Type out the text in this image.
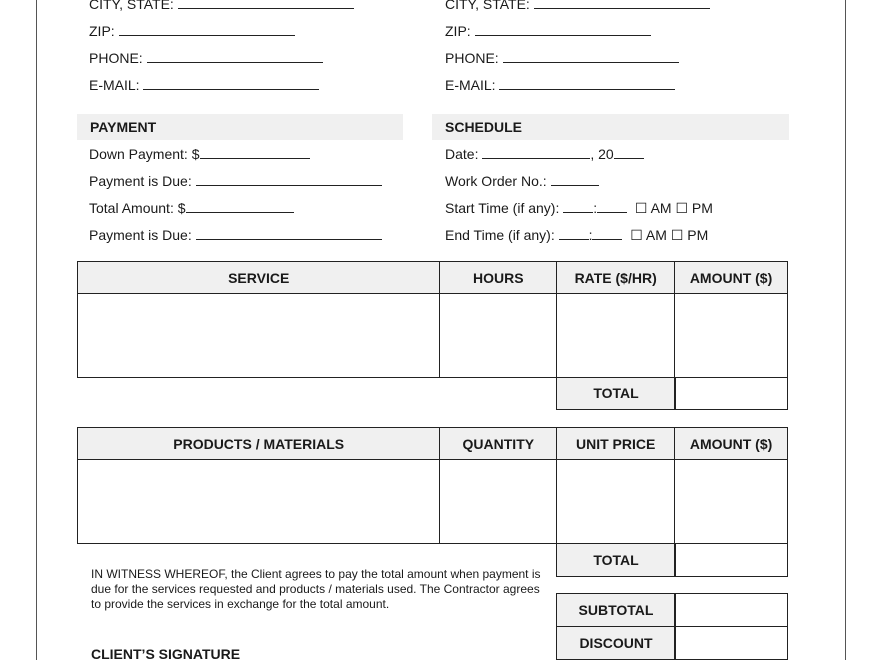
CITY, STATE:
ZIP:
PHONE:
E-MAIL:
CITY, STATE:
ZIP:
PHONE:
E-MAIL:
PAYMENT	SCHEDULE
Down Payment: $
Payment is Due:
Total Amount: $
Payment is Due:
Date:	, 20
Work Order No.:
Start Time (if any): :	☐ AM ☐ PM
End Time (if any): :	☐ AM ☐ PM
SERVICE	HOURS	RATE ($/HR)	AMOUNT ($)

TOTAL
PRODUCTS / MATERIALS	QUANTITY	UNIT PRICE	AMOUNT ($)

TOTAL
SUBTOTAL
DISCOUNT
IN WITNESS WHEREOF, the Client agrees to pay the total amount when payment is due for the services requested and products / materials used. The Contractor agrees to provide the services in exchange for the total amount.
CLIENT’S SIGNATURE
